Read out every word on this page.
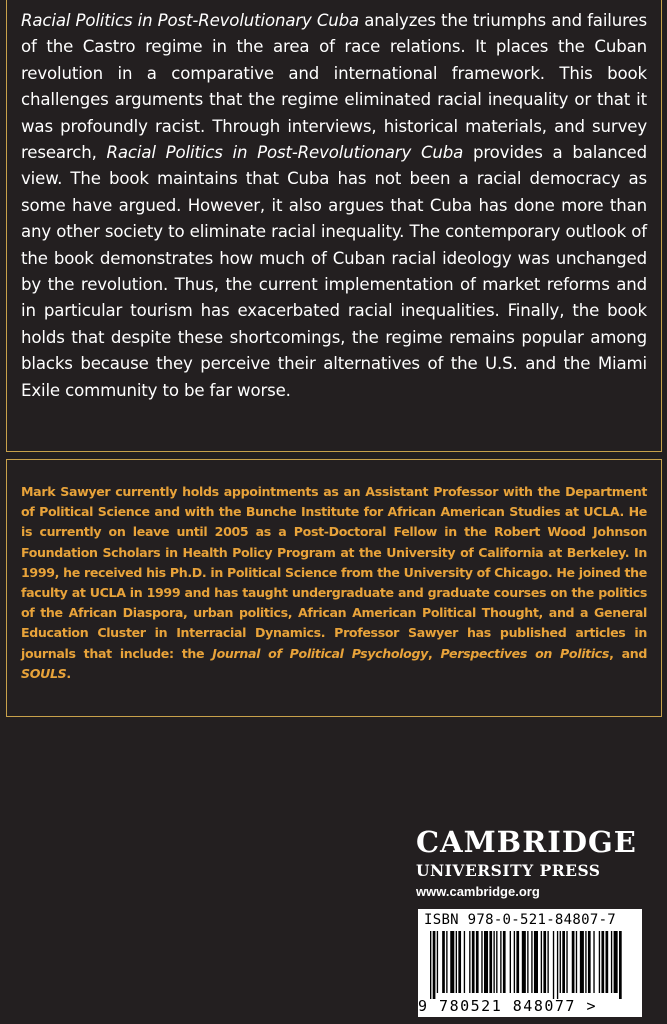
Racial Politics in Post-Revolutionary Cuba analyzes the triumphs and failures of the Castro regime in the area of race relations. It places the Cuban revolution in a comparative and international framework. This book challenges arguments that the regime eliminated racial inequality or that it was profoundly racist. Through interviews, historical materials, and survey research, Racial Politics in Post-Revolutionary Cuba provides a balanced view. The book maintains that Cuba has not been a racial democracy as some have argued. However, it also argues that Cuba has done more than any other society to eliminate racial inequality. The contemporary outlook of the book demonstrates how much of Cuban racial ideology was unchanged by the revolution. Thus, the current implementation of market reforms and in particular tourism has exacerbated racial inequalities. Finally, the book holds that despite these shortcomings, the regime remains popular among blacks because they perceive their alternatives of the U.S. and the Miami Exile community to be far worse.

Mark Sawyer currently holds appointments as an Assistant Professor with the Department of Political Science and with the Bunche Institute for African American Studies at UCLA. He is currently on leave until 2005 as a Post-Doctoral Fellow in the Robert Wood Johnson Foundation Scholars in Health Policy Program at the University of California at Berkeley. In 1999, he received his Ph.D. in Political Science from the University of Chicago. He joined the faculty at UCLA in 1999 and has taught undergraduate and graduate courses on the politics of the African Diaspora, urban politics, African American Political Thought, and a General Education Cluster in Interracial Dynamics. Professor Sawyer has published articles in journals that include: the Journal of Political Psychology, Perspectives on Politics, and SOULS.

CAMBRIDGE
UNIVERSITY PRESS
www.cambridge.org
ISBN 978-0-521-84807-7
9 780521 848077 >
